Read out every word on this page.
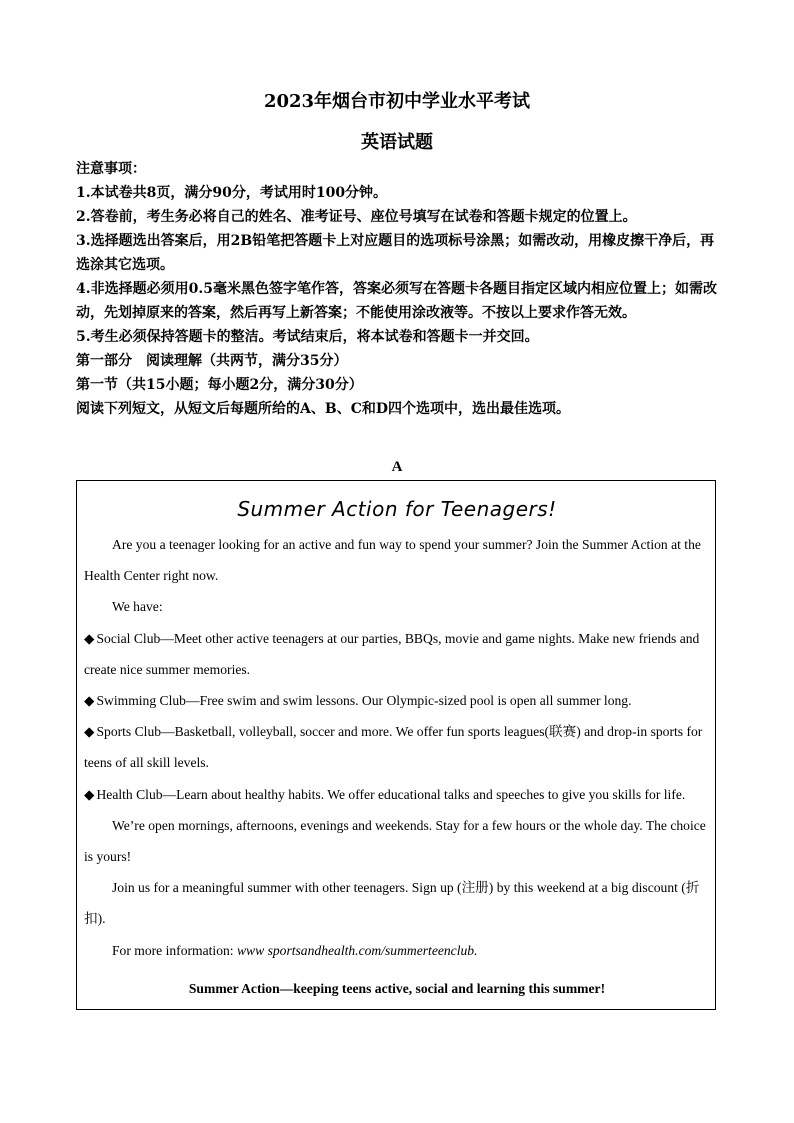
2023年烟台市初中学业水平考试
英语试题

注意事项：

1.本试卷共8页，满分90分，考试用时100分钟。

2.答卷前，考生务必将自己的姓名、准考证号、座位号填写在试卷和答题卡规定的位置上。

3.选择题选出答案后，用2B铅笔把答题卡上对应题目的选项标号涂黑；如需改动，用橡皮擦干净后，再选涂其它选项。

4.非选择题必须用0.5毫米黑色签字笔作答，答案必须写在答题卡各题目指定区域内相应位置上；如需改动，先划掉原来的答案，然后再写上新答案；不能使用涂改液等。不按以上要求作答无效。

5.考生必须保持答题卡的整洁。考试结束后，将本试卷和答题卡一并交回。

第一部分　阅读理解（共两节，满分35分）

第一节（共15小题；每小题2分，满分30分）

阅读下列短文，从短文后每题所给的A、B、C和D四个选项中，选出最佳选项。

A
Summer Action for Teenagers!

Are you a teenager looking for an active and fun way to spend your summer? Join the Summer Action at the Health Center right now.

We have:

◆ Social Club—Meet other active teenagers at our parties, BBQs, movie and game nights. Make new friends and create nice summer memories.

◆ Swimming Club—Free swim and swim lessons. Our Olympic-sized pool is open all summer long.

◆ Sports Club—Basketball, volleyball, soccer and more. We offer fun sports leagues(联赛) and drop-in sports for teens of all skill levels.

◆ Health Club—Learn about healthy habits. We offer educational talks and speeches to give you skills for life.

We’re open mornings, afternoons, evenings and weekends. Stay for a few hours or the whole day. The choice is yours!

Join us for a meaningful summer with other teenagers. Sign up (注册) by this weekend at a big discount (折扣).

For more information: www sportsandhealth.com/summerteenclub.

Summer Action—keeping teens active, social and learning this summer!
